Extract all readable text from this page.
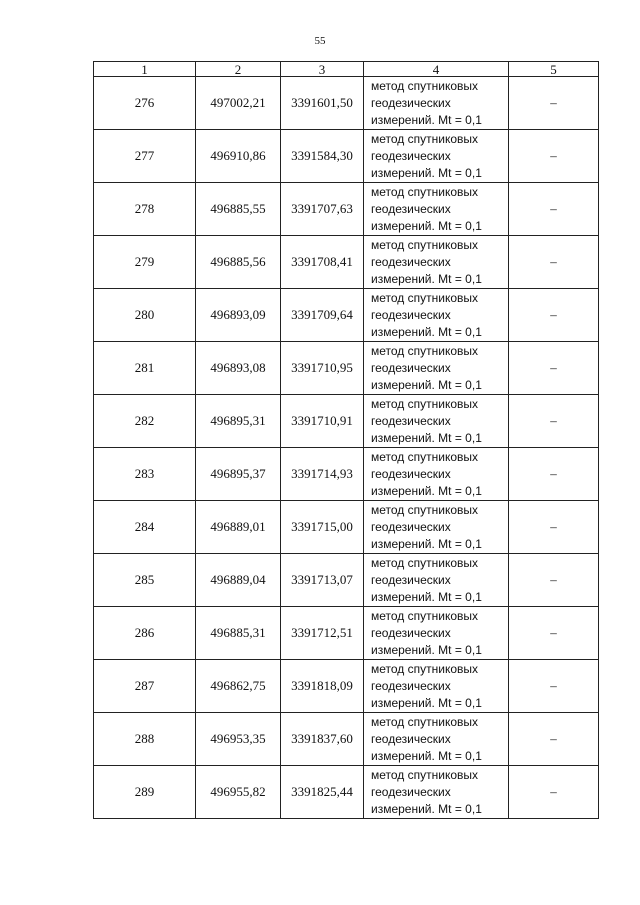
55
1	2	3	4	5
276	497002,21	3391601,50	метод спутниковых
геодезических
измерений. Mt = 0,1	–
277	496910,86	3391584,30	метод спутниковых
геодезических
измерений. Mt = 0,1	–
278	496885,55	3391707,63	метод спутниковых
геодезических
измерений. Mt = 0,1	–
279	496885,56	3391708,41	метод спутниковых
геодезических
измерений. Mt = 0,1	–
280	496893,09	3391709,64	метод спутниковых
геодезических
измерений. Mt = 0,1	–
281	496893,08	3391710,95	метод спутниковых
геодезических
измерений. Mt = 0,1	–
282	496895,31	3391710,91	метод спутниковых
геодезических
измерений. Mt = 0,1	–
283	496895,37	3391714,93	метод спутниковых
геодезических
измерений. Mt = 0,1	–
284	496889,01	3391715,00	метод спутниковых
геодезических
измерений. Mt = 0,1	–
285	496889,04	3391713,07	метод спутниковых
геодезических
измерений. Mt = 0,1	–
286	496885,31	3391712,51	метод спутниковых
геодезических
измерений. Mt = 0,1	–
287	496862,75	3391818,09	метод спутниковых
геодезических
измерений. Mt = 0,1	–
288	496953,35	3391837,60	метод спутниковых
геодезических
измерений. Mt = 0,1	–
289	496955,82	3391825,44	метод спутниковых
геодезических
измерений. Mt = 0,1	–
